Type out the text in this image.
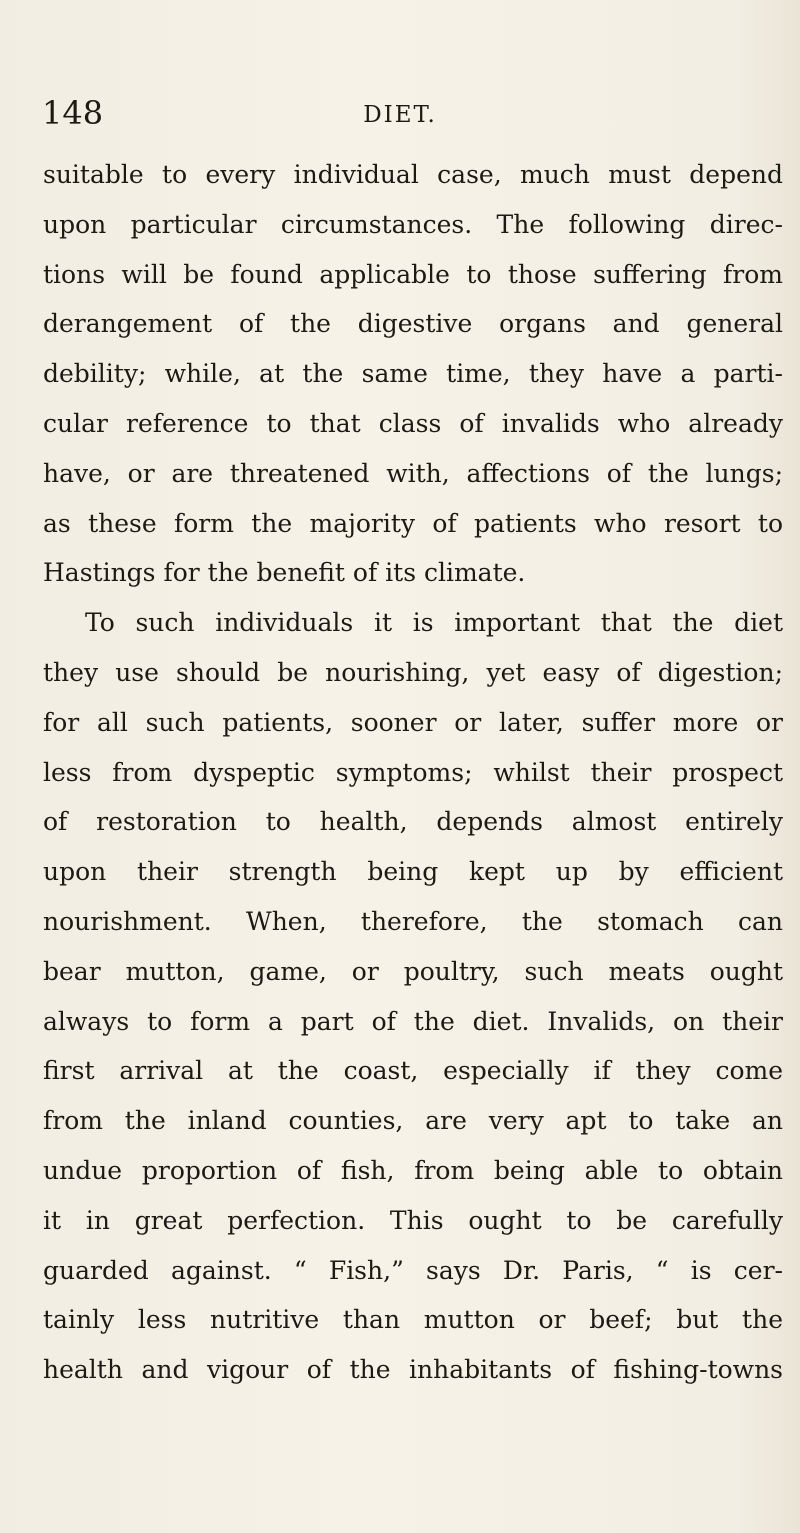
148	DIET.
suitable to every individual case, much must depend
upon particular circumstances. The following direc-
tions will be found applicable to those suffering from
derangement of the digestive organs and general
debility; while, at the same time, they have a parti-
cular reference to that class of invalids who already
have, or are threatened with, affections of the lungs;
as these form the majority of patients who resort to
Hastings for the benefit of its climate.
To such individuals it is important that the diet
they use should be nourishing, yet easy of digestion;
for all such patients, sooner or later, suffer more or
less from dyspeptic symptoms; whilst their prospect
of restoration to health, depends almost entirely
upon their strength being kept up by efficient
nourishment. When, therefore, the stomach can
bear mutton, game, or poultry, such meats ought
always to form a part of the diet. Invalids, on their
first arrival at the coast, especially if they come
from the inland counties, are very apt to take an
undue proportion of fish, from being able to obtain
it in great perfection. This ought to be carefully
guarded against. “ Fish,” says Dr. Paris, “ is cer-
tainly less nutritive than mutton or beef; but the
health and vigour of the inhabitants of fishing-towns
